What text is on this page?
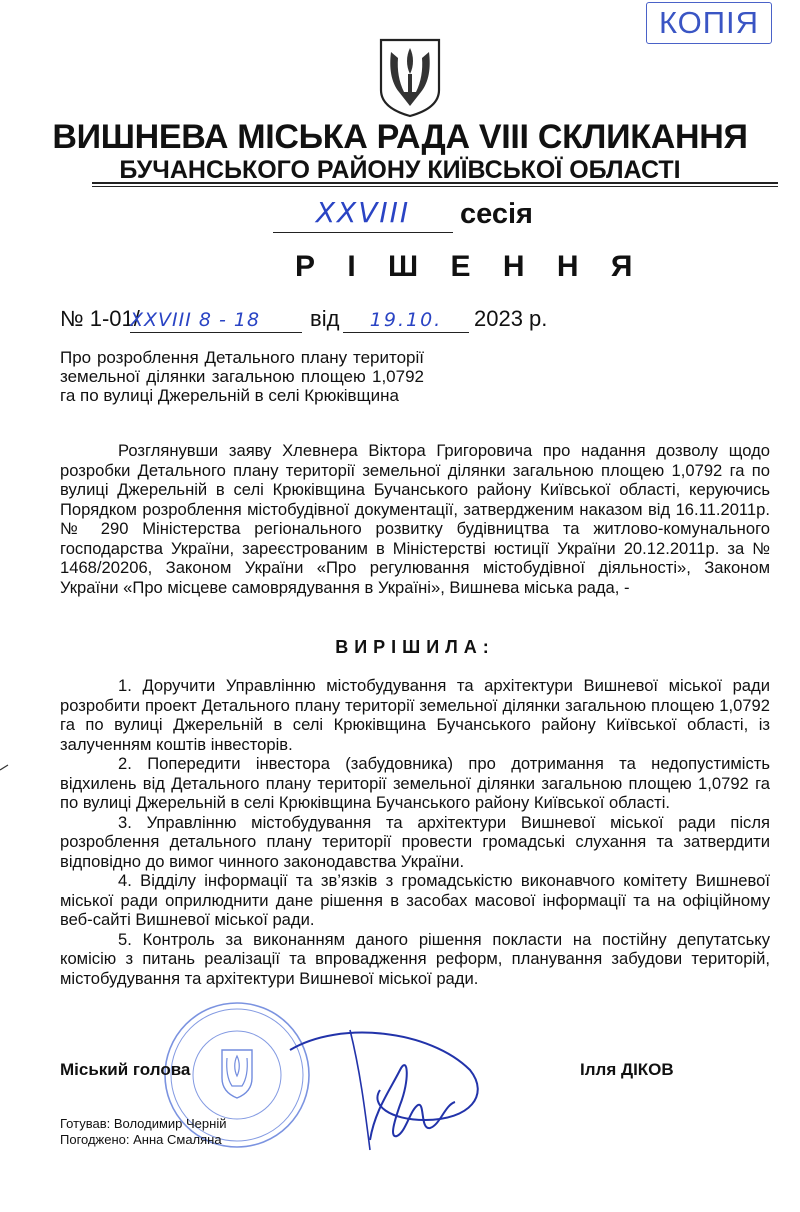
КОПІЯ
ВИШНЕВА МІСЬКА РАДА VIII СКЛИКАННЯ
БУЧАНСЬКОГО РАЙОНУ КИЇВСЬКОЇ ОБЛАСТІ
XXVIII	сесія
Р І Ш Е Н Н Я
№ 1-01/
XXVIII 8 - 18	від	19.10.	2023 р.
Про розроблення Детального плану території земельної ділянки загальною площею 1,0792 га по вулиці Джерельній в селі Крюківщина
Розглянувши заяву Хлевнера Віктора Григоровича про надання дозволу щодо розробки Детального плану території земельної ділянки загальною площею 1,0792 га по вулиці Джерельній в селі Крюківщина Бучанського району Київської області, керуючись Порядком розроблення містобудівної документації, затвердженим наказом від 16.11.2011р. № 290 Міністерства регіонального розвитку будівництва та житлово-комунального господарства України, зареєстрованим в Міністерстві юстиції України 20.12.2011р. за № 1468/20206, Законом України «Про регулювання містобудівної діяльності», Законом України «Про місцеве самоврядування в Україні», Вишнева міська рада, -
ВИРІШИЛА:

1. Доручити Управлінню містобудування та архітектури Вишневої міської ради розробити проект Детального плану території земельної ділянки загальною площею 1,0792 га по вулиці Джерельній в селі Крюківщина Бучанського району Київської області, із залученням коштів інвесторів.

2. Попередити інвестора (забудовника) про дотримання та недопустимість відхилень від Детального плану території земельної ділянки загальною площею 1,0792 га по вулиці Джерельній в селі Крюківщина Бучанського району Київської області.

3. Управлінню містобудування та архітектури Вишневої міської ради після розроблення детального плану території провести громадські слухання та затвердити відповідно до вимог чинного законодавства України.

4. Відділу інформації та зв’язків з громадськістю виконавчого комітету Вишневої міської ради оприлюднити дане рішення в засобах масової інформації та на офіційному веб-сайті Вишневої міської ради.

5. Контроль за виконанням даного рішення покласти на постійну депутатську комісію з питань реалізації та впровадження реформ, планування забудови територій, містобудування та архітектури Вишневої міської ради.

Міський голова	Ілля ДІКОВ
Готував: Володимир Черній
Погоджено: Анна Смаляна
